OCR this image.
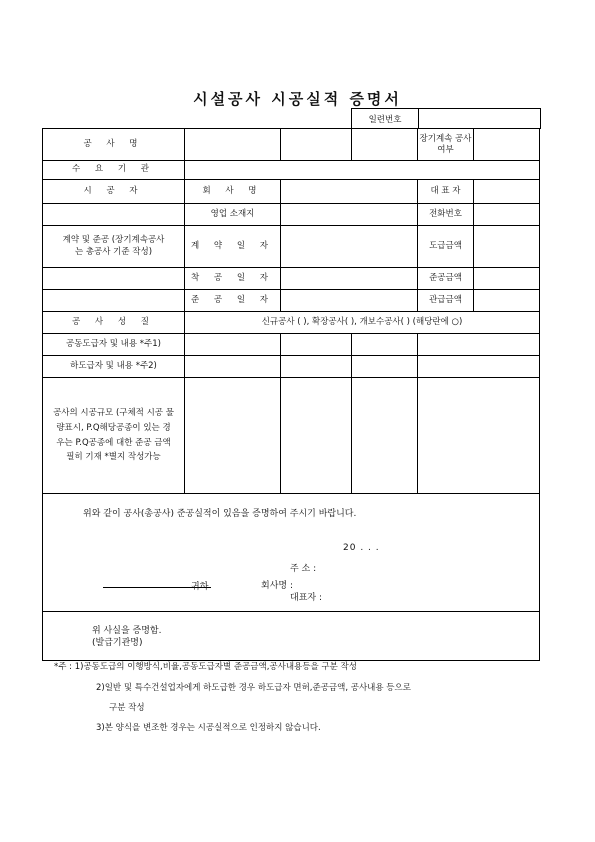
시설공사 시공실적 증명서
일련번호
공 사 명				장기계속 공사여부	
수 요 기 관					
시 공 자	회 사 명			대 표 자	
	영업 소재지			전화번호	
계약 및 준공 (장기계속공사는 총공사 기준 작성)	계 약 일 자			도급금액	
	착 공 일 자			준공금액	
	준 공 일 자			관급금액	
공 사 성 질	신규공사 ( ), 확장공사( ), 개보수공사( ) (해당란에 ○)				
공동도급자 및 내용 *주1)					
하도급자 및 내용 *주2)					
공사의 시공규모 (구체적 시공 물량표시, P.Q해당공종이 있는 경우는 P.Q공종에 대한 준공 금액 필히 기재 *별지 작성가능					

위와 같이 공사(총공사) 준공실적이 있음을 증명하여 주시기 바랍니다.					

20 . . .
주 소 :
귀하	회사명 :
대표자 :
위 사실을 증명함.
(발급기관명)
*주 : 1)공동도급의 이행방식,비율,공동도급자별 준공금액,공사내용등을 구분 작성
2)일반 및 특수건설업자에게 하도급한 경우 하도급자 면허,준공금액, 공사내용 등으로
구분 작성
3)본 양식을 변조한 경우는 시공실적으로 인정하지 않습니다.
